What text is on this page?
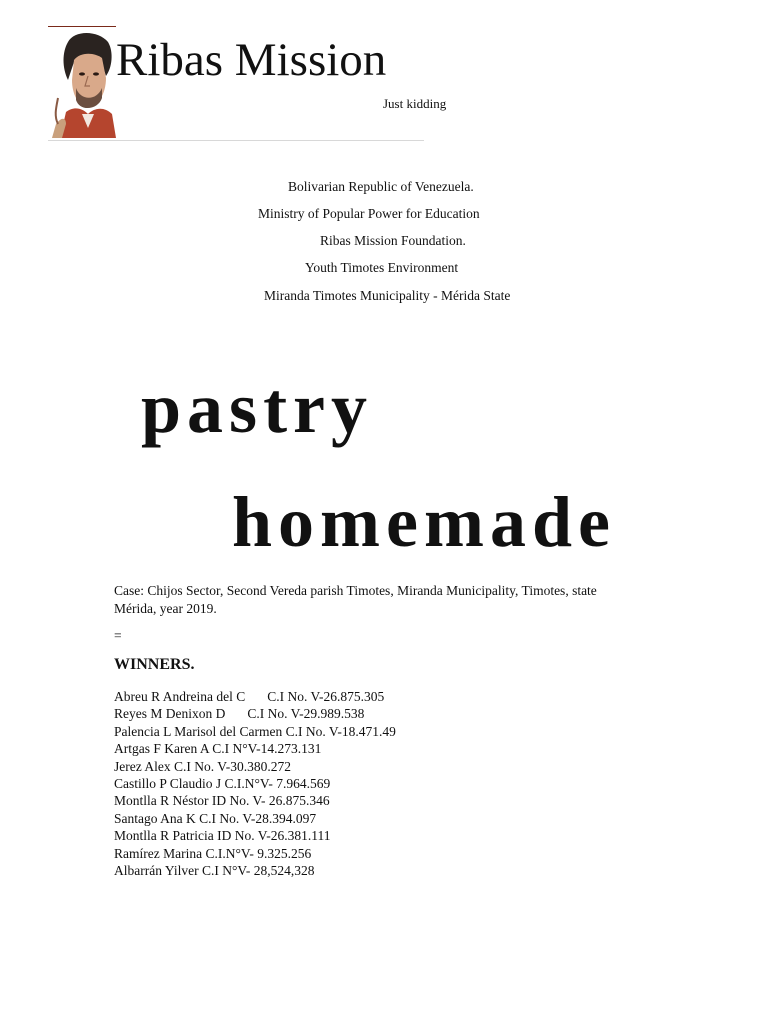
Ribas Mission
Just kidding
Bolivarian Republic of Venezuela.
Ministry of Popular Power for Education
Ribas Mission Foundation.
Youth Timotes Environment
Miranda Timotes Municipality - Mérida State
pastry
homemade
Case: Chijos Sector, Second Vereda parish Timotes, Miranda Municipality, Timotes, state Mérida, year 2019.
=
WINNERS.
Abreu R Andreina del C C.I No. V-26.875.305
Reyes M Denixon D C.I No. V-29.989.538
Palencia L Marisol del Carmen C.I No. V-18.471.49
Artgas F Karen A C.I N°V-14.273.131
Jerez Alex C.I No. V-30.380.272
Castillo P Claudio J C.I.N°V- 7.964.569
Montlla R Néstor ID No. V- 26.875.346
Santago Ana K C.I No. V-28.394.097
Montlla R Patricia ID No. V-26.381.111
Ramírez Marina C.I.N°V- 9.325.256
Albarrán Yilver C.I N°V- 28,524,328
